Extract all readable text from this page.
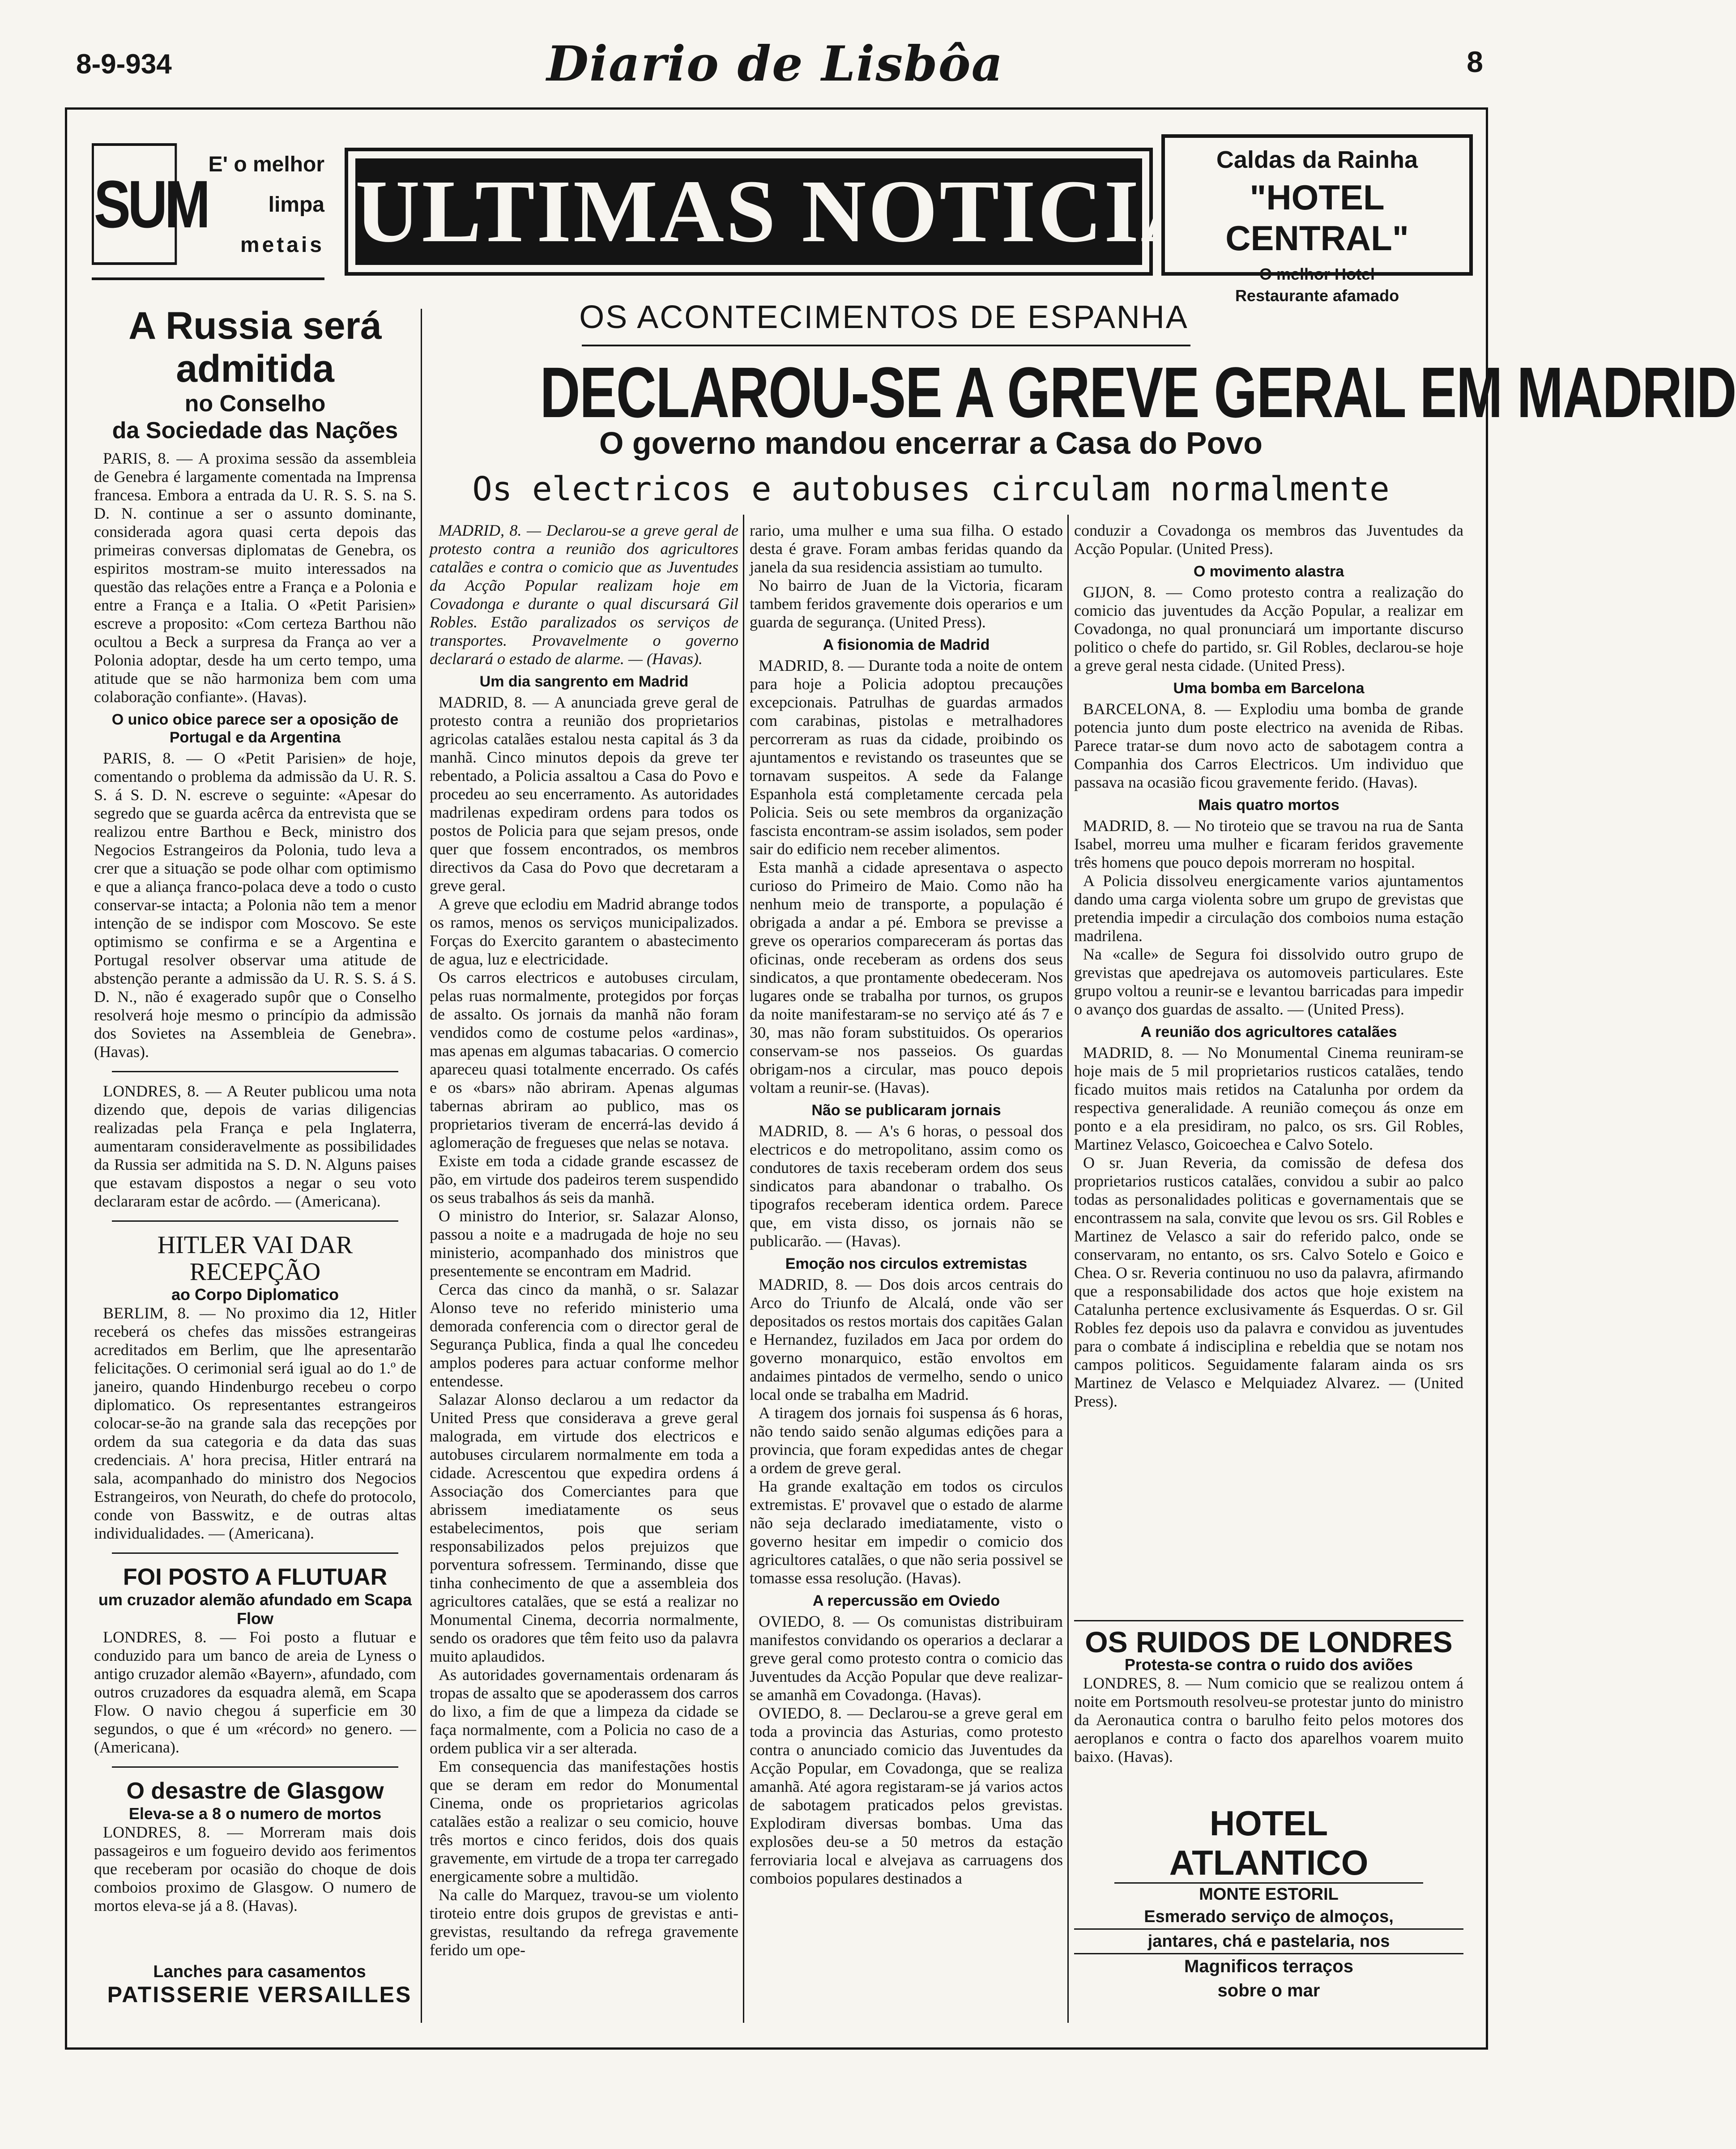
8-9-934	Diario de Lisbôa	8
SUM
E' o melhor
limpa
metais ULTIMAS NOTICIAS
Caldas da Rainha
"HOTEL CENTRAL"
O melhor Hotel
Restaurante afamado
A Russia será admitida
no Conselho
da Sociedade das Nações

PARIS, 8. — A proxima sessão da assembleia de Genebra é largamente comentada na Imprensa francesa. Embora a entrada da U. R. S. S. na S. D. N. continue a ser o assunto dominante, considerada agora quasi certa depois das primeiras conversas diplomatas de Genebra, os espiritos mostram-se muito interessados na questão das relações entre a França e a Polonia e entre a França e a Italia. O «Petit Parisien» escreve a proposito: «Com certeza Barthou não ocultou a Beck a surpresa da França ao ver a Polonia adoptar, desde ha um certo tempo, uma atitude que se não harmoniza bem com uma colaboração confiante». (Havas).

O unico obice parece ser a oposição de Portugal e da Argentina

PARIS, 8. — O «Petit Parisien» de hoje, comentando o problema da admissão da U. R. S. S. á S. D. N. escreve o seguinte: «Apesar do segredo que se guarda acêrca da entrevista que se realizou entre Barthou e Beck, ministro dos Negocios Estrangeiros da Polonia, tudo leva a crer que a situação se pode olhar com optimismo e que a aliança franco-polaca deve a todo o custo conservar-se intacta; a Polonia não tem a menor intenção de se indispor com Moscovo. Se este optimismo se confirma e se a Argentina e Portugal resolver observar uma atitude de abstenção perante a admissão da U. R. S. S. á S. D. N., não é exagerado supôr que o Conselho resolverá hoje mesmo o princípio da admissão dos Sovietes na Assembleia de Genebra». (Havas).

LONDRES, 8. — A Reuter publicou uma nota dizendo que, depois de varias diligencias realizadas pela França e pela Inglaterra, aumentaram consideravelmente as possibilidades da Russia ser admitida na S. D. N. Alguns paises que estavam dispostos a negar o seu voto declararam estar de acôrdo. — (Americana).

HITLER VAI DAR RECEPÇÃO
ao Corpo Diplomatico

BERLIM, 8. — No proximo dia 12, Hitler receberá os chefes das missões estrangeiras acreditados em Berlim, que lhe apresentarão felicitações. O cerimonial será igual ao do 1.º de janeiro, quando Hindenburgo recebeu o corpo diplomatico. Os representantes estrangeiros colocar-se-ão na grande sala das recepções por ordem da sua categoria e da data das suas credenciais. A' hora precisa, Hitler entrará na sala, acompanhado do ministro dos Negocios Estrangeiros, von Neurath, do chefe do protocolo, conde von Basswitz, e de outras altas individualidades. — (Americana).

FOI POSTO A FLUTUAR
um cruzador alemão afundado em Scapa Flow

LONDRES, 8. — Foi posto a flutuar e conduzido para um banco de areia de Lyness o antigo cruzador alemão «Bayern», afundado, com outros cruzadores da esquadra alemã, em Scapa Flow. O navio chegou á superficie em 30 segundos, o que é um «récord» no genero. — (Americana).

O desastre de Glasgow
Eleva-se a 8 o numero de mortos

LONDRES, 8. — Morreram mais dois passageiros e um fogueiro devido aos ferimentos que receberam por ocasião do choque de dois comboios proximo de Glasgow. O numero de mortos eleva-se já a 8. (Havas).

Lanches para casamentos
PATISSERIE VERSAILLES
OS ACONTECIMENTOS DE ESPANHA
DECLAROU-SE A GREVE GERAL EM MADRID
O governo mandou encerrar a Casa do Povo
Os electricos e autobuses circulam normalmente

MADRID, 8. — Declarou-se a greve geral de protesto contra a reunião dos agricultores catalães e contra o comicio que as Juventudes da Acção Popular realizam hoje em Covadonga e durante o qual discursará Gil Robles. Estão paralizados os serviços de transportes. Provavelmente o governo declarará o estado de alarme. — (Havas).

Um dia sangrento em Madrid

MADRID, 8. — A anunciada greve geral de protesto contra a reunião dos proprietarios agricolas catalães estalou nesta capital ás 3 da manhã. Cinco minutos depois da greve ter rebentado, a Policia assaltou a Casa do Povo e procedeu ao seu encerramento. As autoridades madrilenas expediram ordens para todos os postos de Policia para que sejam presos, onde quer que fossem encontrados, os membros directivos da Casa do Povo que decretaram a greve geral.

A greve que eclodiu em Madrid abrange todos os ramos, menos os serviços municipalizados. Forças do Exercito garantem o abastecimento de agua, luz e electricidade.

Os carros electricos e autobuses circulam, pelas ruas normalmente, protegidos por forças de assalto. Os jornais da manhã não foram vendidos como de costume pelos «ardinas», mas apenas em algumas tabacarias. O comercio apareceu quasi totalmente encerrado. Os cafés e os «bars» não abriram. Apenas algumas tabernas abriram ao publico, mas os proprietarios tiveram de encerrá-las devido á aglomeração de fregueses que nelas se notava.

Existe em toda a cidade grande escassez de pão, em virtude dos padeiros terem suspendido os seus trabalhos ás seis da manhã.

O ministro do Interior, sr. Salazar Alonso, passou a noite e a madrugada de hoje no seu ministerio, acompanhado dos ministros que presentemente se encontram em Madrid.

Cerca das cinco da manhã, o sr. Salazar Alonso teve no referido ministerio uma demorada conferencia com o director geral de Segurança Publica, finda a qual lhe concedeu amplos poderes para actuar conforme melhor entendesse.

Salazar Alonso declarou a um redactor da United Press que considerava a greve geral malograda, em virtude dos electricos e autobuses circularem normalmente em toda a cidade. Acrescentou que expedira ordens á Associação dos Comerciantes para que abrissem imediatamente os seus estabelecimentos, pois que seriam responsabilizados pelos prejuizos que porventura sofressem. Terminando, disse que tinha conhecimento de que a assembleia dos agricultores catalães, que se está a realizar no Monumental Cinema, decorria normalmente, sendo os oradores que têm feito uso da palavra muito aplaudidos.

As autoridades governamentais ordenaram ás tropas de assalto que se apoderassem dos carros do lixo, a fim de que a limpeza da cidade se faça normalmente, com a Policia no caso de a ordem publica vir a ser alterada.

Em consequencia das manifestações hostis que se deram em redor do Monumental Cinema, onde os proprietarios agricolas catalães estão a realizar o seu comicio, houve três mortos e cinco feridos, dois dos quais gravemente, em virtude de a tropa ter carregado energicamente sobre a multidão.

Na calle do Marquez, travou-se um violento tiroteio entre dois grupos de grevistas e anti-grevistas, resultando da refrega gravemente ferido um ope-

rario, uma mulher e uma sua filha. O estado desta é grave. Foram ambas feridas quando da janela da sua residencia assistiam ao tumulto.

No bairro de Juan de la Victoria, ficaram tambem feridos gravemente dois operarios e um guarda de segurança. (United Press).

A fisionomia de Madrid

MADRID, 8. — Durante toda a noite de ontem para hoje a Policia adoptou precauções excepcionais. Patrulhas de guardas armados com carabinas, pistolas e metralhadores percorreram as ruas da cidade, proibindo os ajuntamentos e revistando os traseuntes que se tornavam suspeitos. A sede da Falange Espanhola está completamente cercada pela Policia. Seis ou sete membros da organização fascista encontram-se assim isolados, sem poder sair do edificio nem receber alimentos.

Esta manhã a cidade apresentava o aspecto curioso do Primeiro de Maio. Como não ha nenhum meio de transporte, a população é obrigada a andar a pé. Embora se previsse a greve os operarios compareceram ás portas das oficinas, onde receberam as ordens dos seus sindicatos, a que prontamente obedeceram. Nos lugares onde se trabalha por turnos, os grupos da noite manifestaram-se no serviço até ás 7 e 30, mas não foram substituidos. Os operarios conservam-se nos passeios. Os guardas obrigam-nos a circular, mas pouco depois voltam a reunir-se. (Havas).

Não se publicaram jornais

MADRID, 8. — A's 6 horas, o pessoal dos electricos e do metropolitano, assim como os condutores de taxis receberam ordem dos seus sindicatos para abandonar o trabalho. Os tipografos receberam identica ordem. Parece que, em vista disso, os jornais não se publicarão. — (Havas).

Emoção nos circulos extremistas

MADRID, 8. — Dos dois arcos centrais do Arco do Triunfo de Alcalá, onde vão ser depositados os restos mortais dos capitães Galan e Hernandez, fuzilados em Jaca por ordem do governo monarquico, estão envoltos em andaimes pintados de vermelho, sendo o unico local onde se trabalha em Madrid.

A tiragem dos jornais foi suspensa ás 6 horas, não tendo saido senão algumas edições para a provincia, que foram expedidas antes de chegar a ordem de greve geral.

Ha grande exaltação em todos os circulos extremistas. E' provavel que o estado de alarme não seja declarado imediatamente, visto o governo hesitar em impedir o comicio dos agricultores catalães, o que não seria possivel se tomasse essa resolução. (Havas).

A repercussão em Oviedo

OVIEDO, 8. — Os comunistas distribuiram manifestos convidando os operarios a declarar a greve geral como protesto contra o comicio das Juventudes da Acção Popular que deve realizar-se amanhã em Covadonga. (Havas).

OVIEDO, 8. — Declarou-se a greve geral em toda a provincia das Asturias, como protesto contra o anunciado comicio das Juventudes da Acção Popular, em Covadonga, que se realiza amanhã. Até agora registaram-se já varios actos de sabotagem praticados pelos grevistas. Explodiram diversas bombas. Uma das explosões deu-se a 50 metros da estação ferroviaria local e alvejava as carruagens dos comboios populares destinados a

conduzir a Covadonga os membros das Juventudes da Acção Popular. (United Press).

O movimento alastra

GIJON, 8. — Como protesto contra a realização do comicio das juventudes da Acção Popular, a realizar em Covadonga, no qual pronunciará um importante discurso politico o chefe do partido, sr. Gil Robles, declarou-se hoje a greve geral nesta cidade. (United Press).

Uma bomba em Barcelona

BARCELONA, 8. — Explodiu uma bomba de grande potencia junto dum poste electrico na avenida de Ribas. Parece tratar-se dum novo acto de sabotagem contra a Companhia dos Carros Electricos. Um individuo que passava na ocasião ficou gravemente ferido. (Havas).

Mais quatro mortos

MADRID, 8. — No tiroteio que se travou na rua de Santa Isabel, morreu uma mulher e ficaram feridos gravemente três homens que pouco depois morreram no hospital.

A Policia dissolveu energicamente varios ajuntamentos dando uma carga violenta sobre um grupo de grevistas que pretendia impedir a circulação dos comboios numa estação madrilena.

Na «calle» de Segura foi dissolvido outro grupo de grevistas que apedrejava os automoveis particulares. Este grupo voltou a reunir-se e levantou barricadas para impedir o avanço dos guardas de assalto. — (United Press).

A reunião dos agricultores catalães

MADRID, 8. — No Monumental Cinema reuniram-se hoje mais de 5 mil proprietarios rusticos catalães, tendo ficado muitos mais retidos na Catalunha por ordem da respectiva generalidade. A reunião começou ás onze em ponto e a ela presidiram, no palco, os srs. Gil Robles, Martinez Velasco, Goicoechea e Calvo Sotelo.

O sr. Juan Reveria, da comissão de defesa dos proprietarios rusticos catalães, convidou a subir ao palco todas as personalidades politicas e governamentais que se encontrassem na sala, convite que levou os srs. Gil Robles e Martinez de Velasco a sair do referido palco, onde se conservaram, no entanto, os srs. Calvo Sotelo e Goico e Chea. O sr. Reveria continuou no uso da palavra, afirmando que a responsabilidade dos actos que hoje existem na Catalunha pertence exclusivamente ás Esquerdas. O sr. Gil Robles fez depois uso da palavra e convidou as juventudes para o combate á indisciplina e rebeldia que se notam nos campos politicos. Seguidamente falaram ainda os srs Martinez de Velasco e Melquiadez Alvarez. — (United Press).

OS RUIDOS DE LONDRES
Protesta-se contra o ruido dos aviões

LONDRES, 8. — Num comicio que se realizou ontem á noite em Portsmouth resolveu-se protestar junto do ministro da Aeronautica contra o barulho feito pelos motores dos aeroplanos e contra o facto dos aparelhos voarem muito baixo. (Havas).

HOTEL ATLANTICO
MONTE ESTORIL
Esmerado serviço de almoços,
jantares, chá e pastelaria, nos
Magnificos terraços
sobre o mar
